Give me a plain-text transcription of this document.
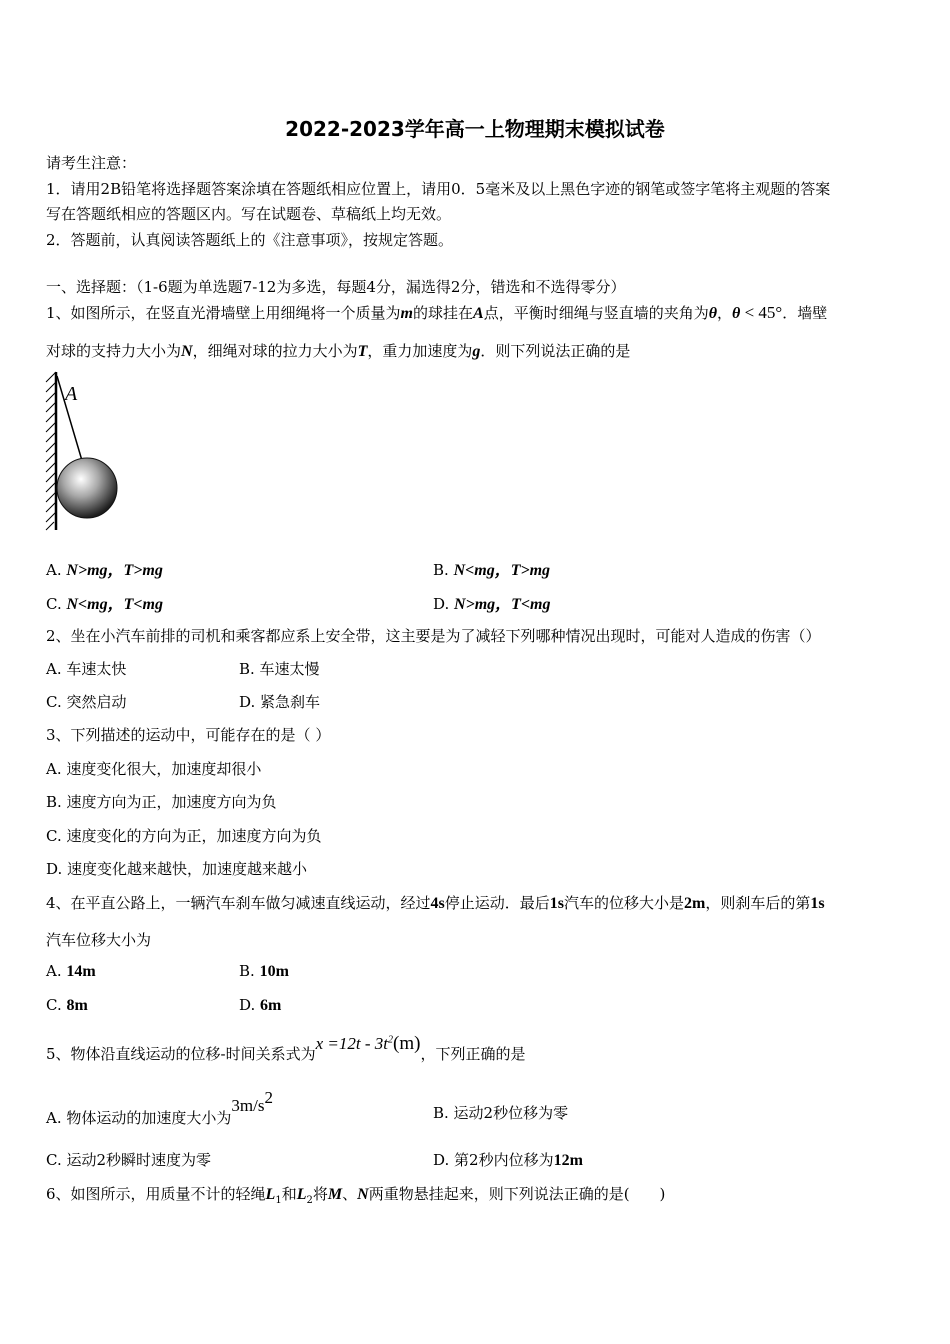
2022-2023学年高一上物理期末模拟试卷
请考生注意：
1．请用2B铅笔将选择题答案涂填在答题纸相应位置上，请用0．5毫米及以上黑色字迹的钢笔或签字笔将主观题的答案
写在答题纸相应的答题区内。写在试题卷、草稿纸上均无效。
2．答题前，认真阅读答题纸上的《注意事项》，按规定答题。
一、选择题：（1-6题为单选题7-12为多选，每题4分，漏选得2分，错选和不选得零分）
1、如图所示，在竖直光滑墙壁上用细绳将一个质量为m的球挂在A点，平衡时细绳与竖直墙的夹角为θ，θ < 45°．墙壁
对球的支持力大小为N，细绳对球的拉力大小为T，重力加速度为g．则下列说法正确的是
A
A. N>mg，T>mg	B. N<mg，T>mg
C. N<mg，T<mg	D. N>mg，T<mg
2、坐在小汽车前排的司机和乘客都应系上安全带，这主要是为了减轻下列哪种情况出现时，可能对人造成的伤害（）
A. 车速太快	B. 车速太慢
C. 突然启动	D. 紧急刹车
3、下列描述的运动中，可能存在的是（ ）
A. 速度变化很大，加速度却很小
B. 速度方向为正，加速度方向为负
C. 速度变化的方向为正，加速度方向为负
D. 速度变化越来越快，加速度越来越小
4、在平直公路上，一辆汽车刹车做匀减速直线运动，经过4s停止运动．最后1s汽车的位移大小是2m，则刹车后的第1s
汽车位移大小为
A. 14m	B. 10m
C. 8m	D. 6m
5、物体沿直线运动的位移-时间关系式为$x =12t - 3t^2(m)$，下列正确的是
A. 物体运动的加速度大小为$3m/s^2$
B. 运动2秒位移为零
C. 运动2秒瞬时速度为零	D. 第2秒内位移为12m
6、如图所示，用质量不计的轻绳$L_1$和$L_2$将M、N两重物悬挂起来，则下列说法正确的是(　　)
